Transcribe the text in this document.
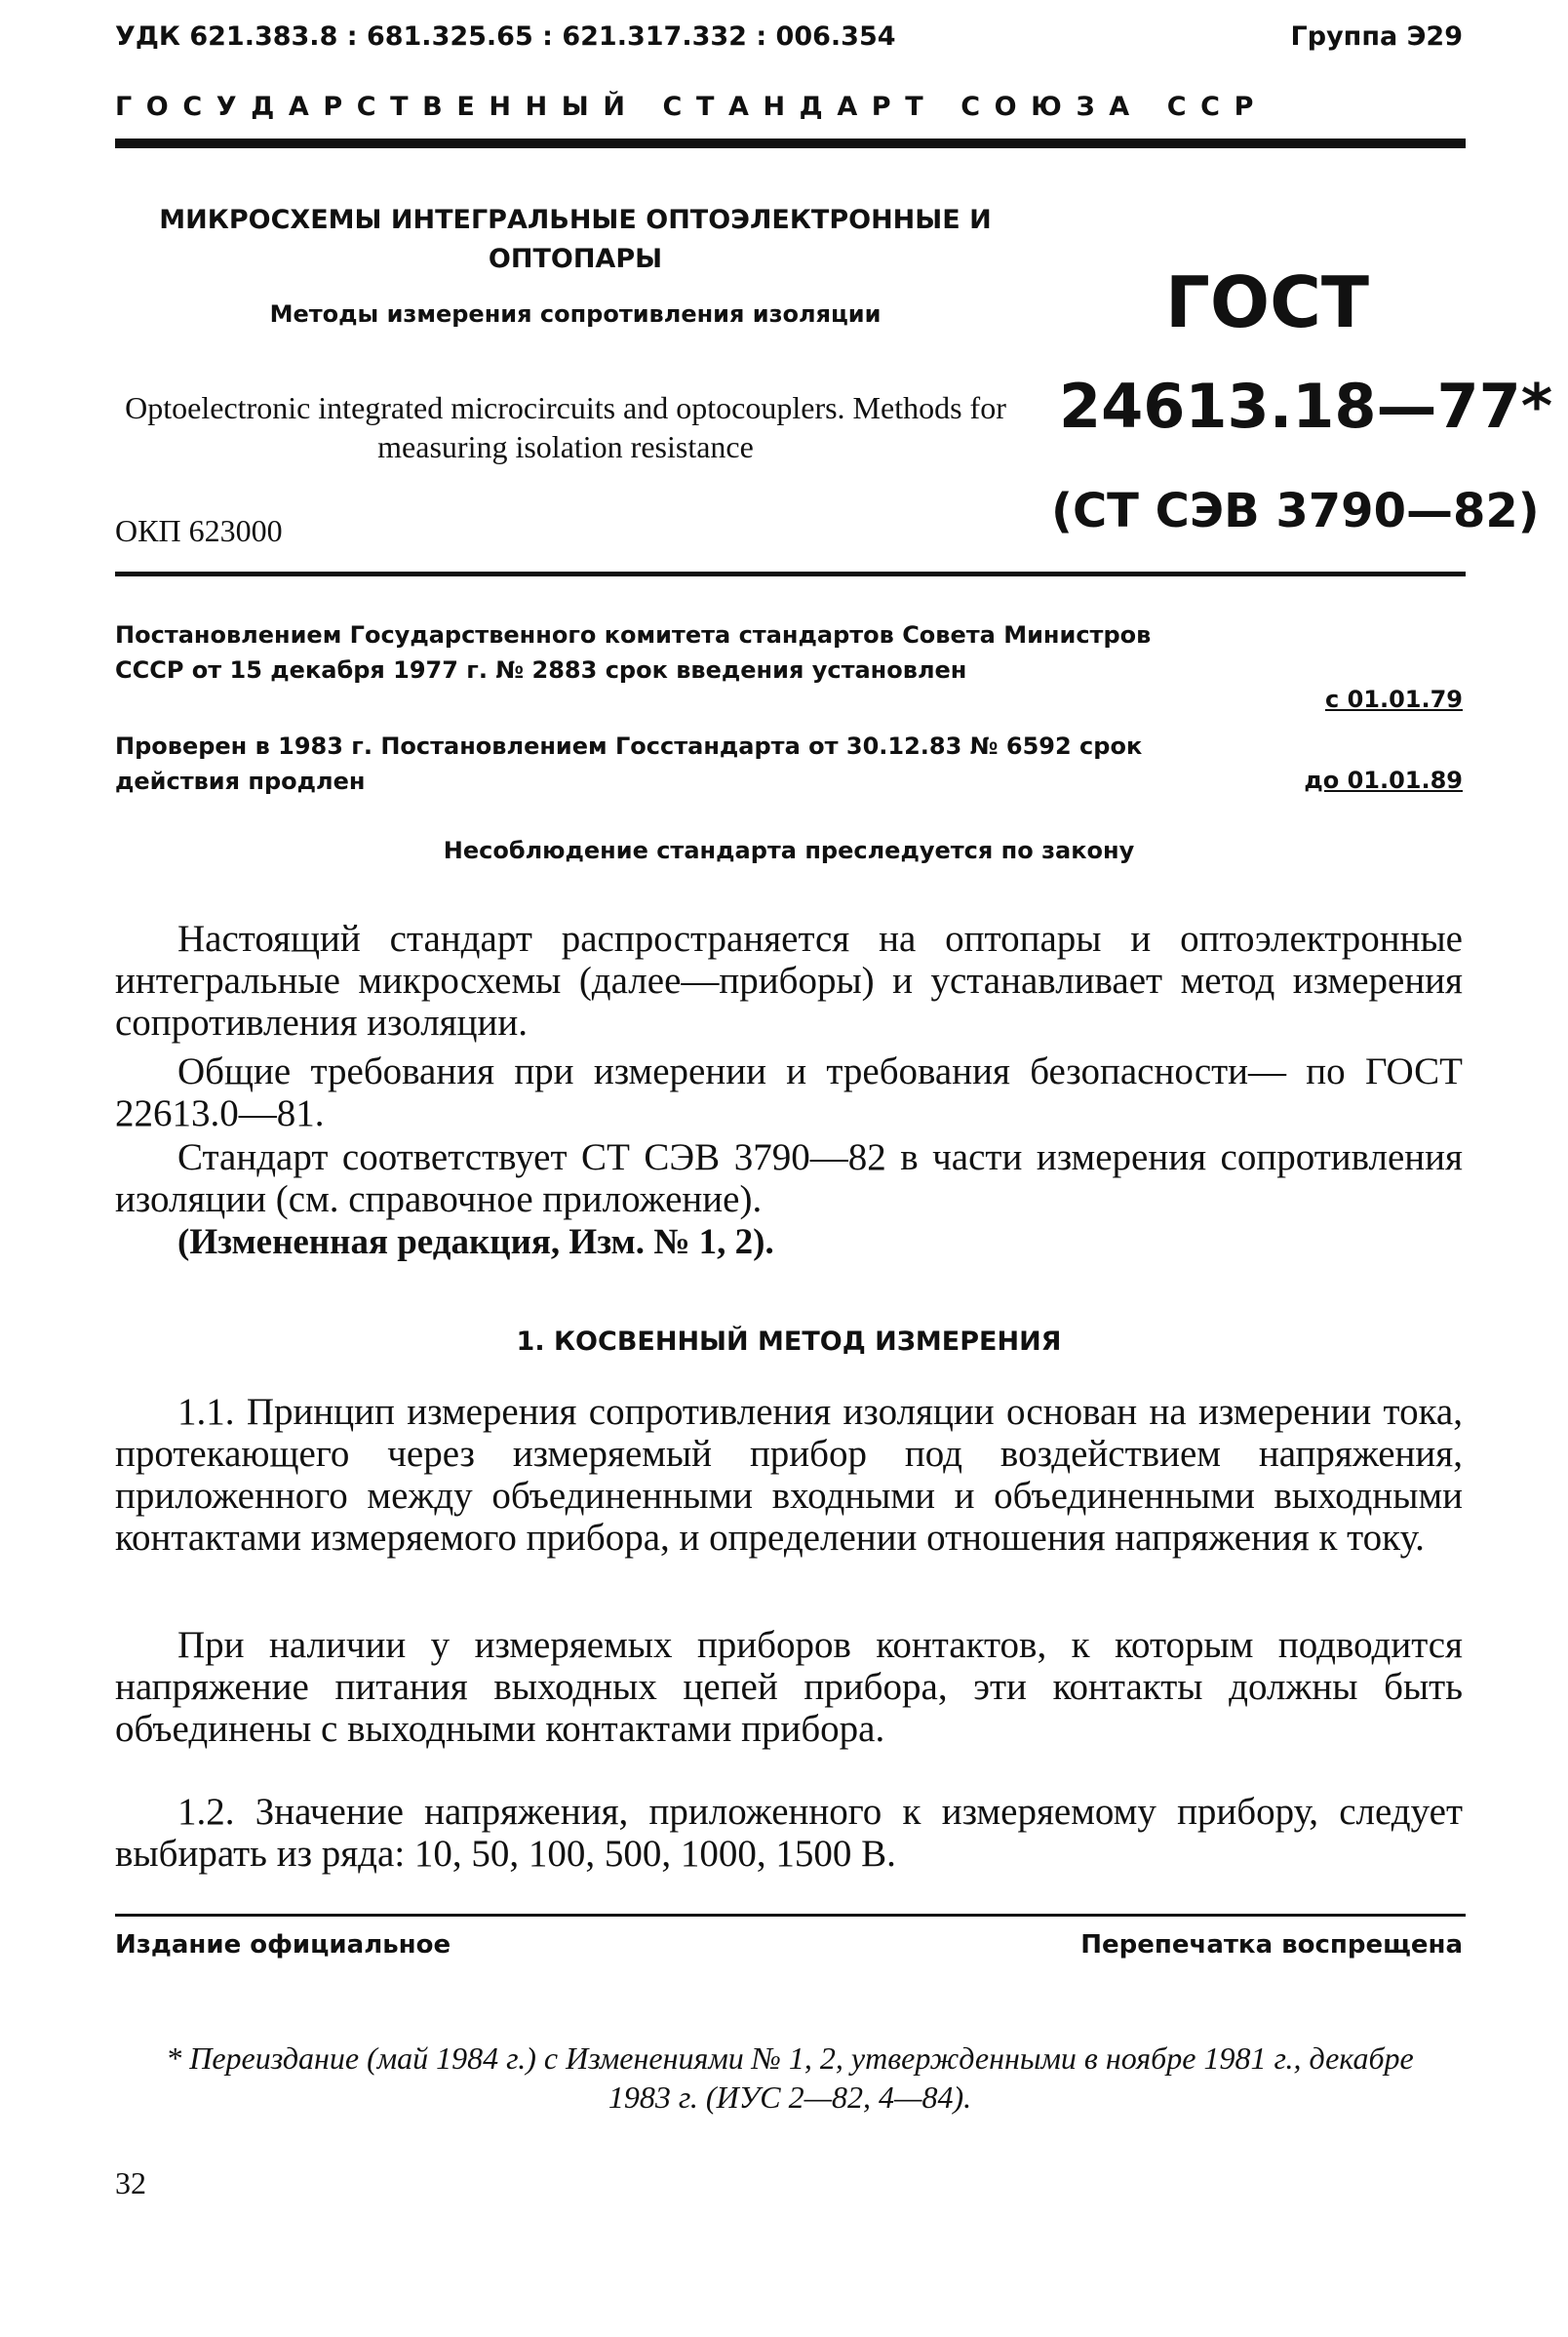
УДК 621.383.8 : 681.325.65 : 621.317.332 : 006.354	Группа Э29
ГОСУДАРСТВЕННЫЙ СТАНДАРТ СОЮЗА ССР
МИКРОСХЕМЫ ИНТЕГРАЛЬНЫЕ ОПТОЭЛЕКТРОННЫЕ И ОПТОПАРЫ
Методы измерения сопротивления изоляции
Optoelectronic integrated microcircuits and optocouplers. Methods for measuring isolation resistance
ОКП 623000
ГОСТ
24613.18—77*
(СТ СЭВ 3790—82)
Постановлением Государственного комитета стандартов Совета Министров СССР от 15 декабря 1977 г. № 2883 срок введения установлен
с 01.01.79
Проверен в 1983 г. Постановлением Госстандарта от 30.12.83 № 6592 срок действия продлен	до 01.01.89
Несоблюдение стандарта преследуется по закону
Настоящий стандарт распространяется на оптопары и оптоэлектронные интегральные микросхемы (далее—приборы) и устанавливает метод измерения сопротивления изоляции.
Общие требования при измерении и требования безопасности— по ГОСТ 22613.0—81.
Стандарт соответствует СТ СЭВ 3790—82 в части измерения сопротивления изоляции (см. справочное приложение).
(Измененная редакция, Изм. № 1, 2).
1. КОСВЕННЫЙ МЕТОД ИЗМЕРЕНИЯ
1.1. Принцип измерения сопротивления изоляции основан на измерении тока, протекающего через измеряемый прибор под воздействием напряжения, приложенного между объединенными входными и объединенными выходными контактами измеряемого прибора, и определении отношения напряжения к току.
При наличии у измеряемых приборов контактов, к которым подводится напряжение питания выходных цепей прибора, эти контакты должны быть объединены с выходными контактами прибора.
1.2. Значение напряжения, приложенного к измеряемому прибору, следует выбирать из ряда: 10, 50, 100, 500, 1000, 1500 В.
Издание официальное	Перепечатка воспрещена
* Переиздание (май 1984 г.) с Изменениями № 1, 2, утвержденными в ноябре 1981 г., декабре 1983 г. (ИУС 2—82, 4—84).
32
